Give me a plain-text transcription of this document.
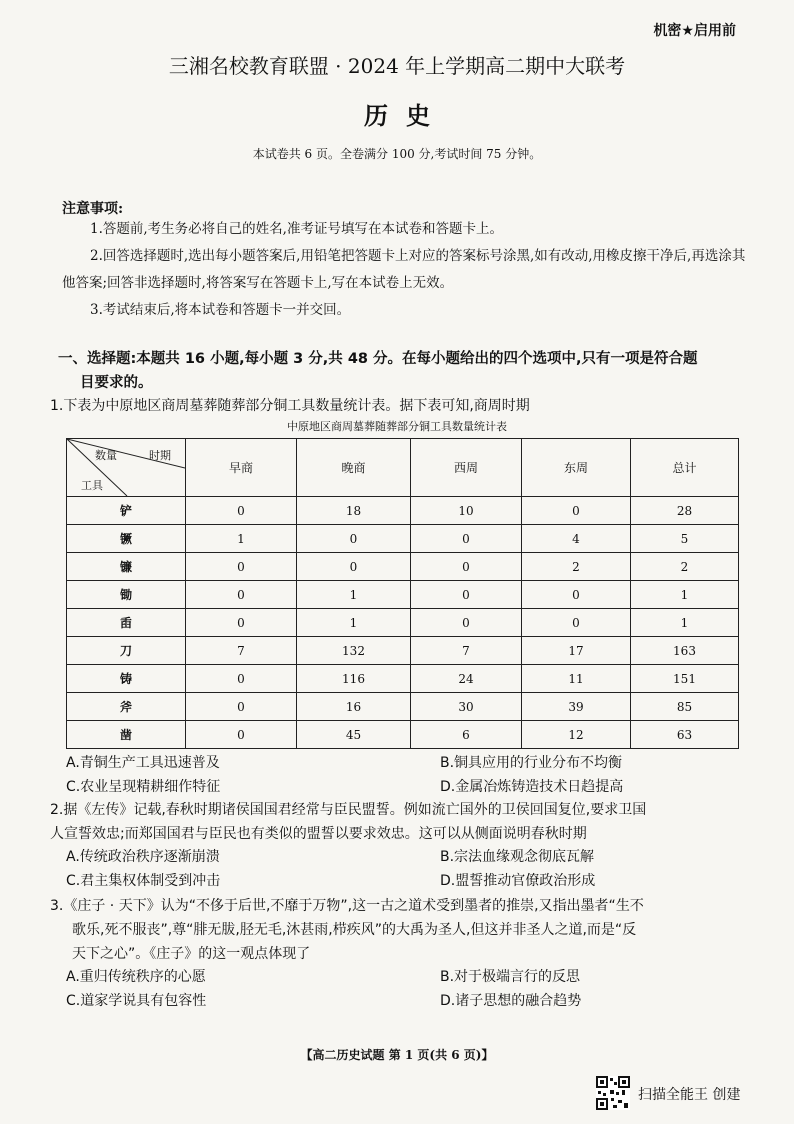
机密★启用前
三湘名校教育联盟 · 2024 年上学期高二期中大联考
历史
本试卷共 6 页。全卷满分 100 分,考试时间 75 分钟。
注意事项:

1.答题前,考生务必将自己的姓名,准考证号填写在本试卷和答题卡上。

2.回答选择题时,选出每小题答案后,用铅笔把答题卡上对应的答案标号涂黑,如有改动,用橡皮擦干净后,再选涂其他答案;回答非选择题时,将答案写在答题卡上,写在本试卷上无效。

3.考试结束后,将本试卷和答题卡一并交回。

一、选择题:本题共 16 小题,每小题 3 分,共 48 分。在每小题给出的四个选项中,只有一项是符合题
目要求的。

1.下表为中原地区商周墓葬随葬部分铜工具数量统计表。据下表可知,商周时期

中原地区商周墓葬随葬部分铜工具数量统计表
数量 时期
工具	早商	晚商	西周	东周	总计
铲	0	18	10	0	28
镢	1	0	0	4	5
镰	0	0	0	2	2
锄	0	1	0	0	1
臿	0	1	0	0	1
刀	7	132	7	17	163
铸	0	116	24	11	151
斧	0	16	30	39	85
凿	0	45	6	12	63
A.青铜生产工具迅速普及	B.铜具应用的行业分布不均衡
C.农业呈现精耕细作特征	D.金属冶炼铸造技术日趋提高

2.据《左传》记载,春秋时期诸侯国国君经常与臣民盟誓。例如流亡国外的卫侯回国复位,要求卫国

人宣誓效忠;而郑国国君与臣民也有类似的盟誓以要求效忠。这可以从侧面说明春秋时期

A.传统政治秩序逐渐崩溃	B.宗法血缘观念彻底瓦解
C.君主集权体制受到冲击	D.盟誓推动官僚政治形成

3.《庄子 · 天下》认为“不侈于后世,不靡于万物”,这一古之道术受到墨者的推崇,又指出墨者“生不

歌乐,死不服丧”,尊“腓无胈,胫无毛,沐甚雨,栉疾风”的大禹为圣人,但这并非圣人之道,而是“反

天下之心”。《庄子》的这一观点体现了

A.重归传统秩序的心愿	B.对于极端言行的反思
C.道家学说具有包容性	D.诸子思想的融合趋势
【高二历史试题 第 1 页(共 6 页)】
扫描全能王 创建
